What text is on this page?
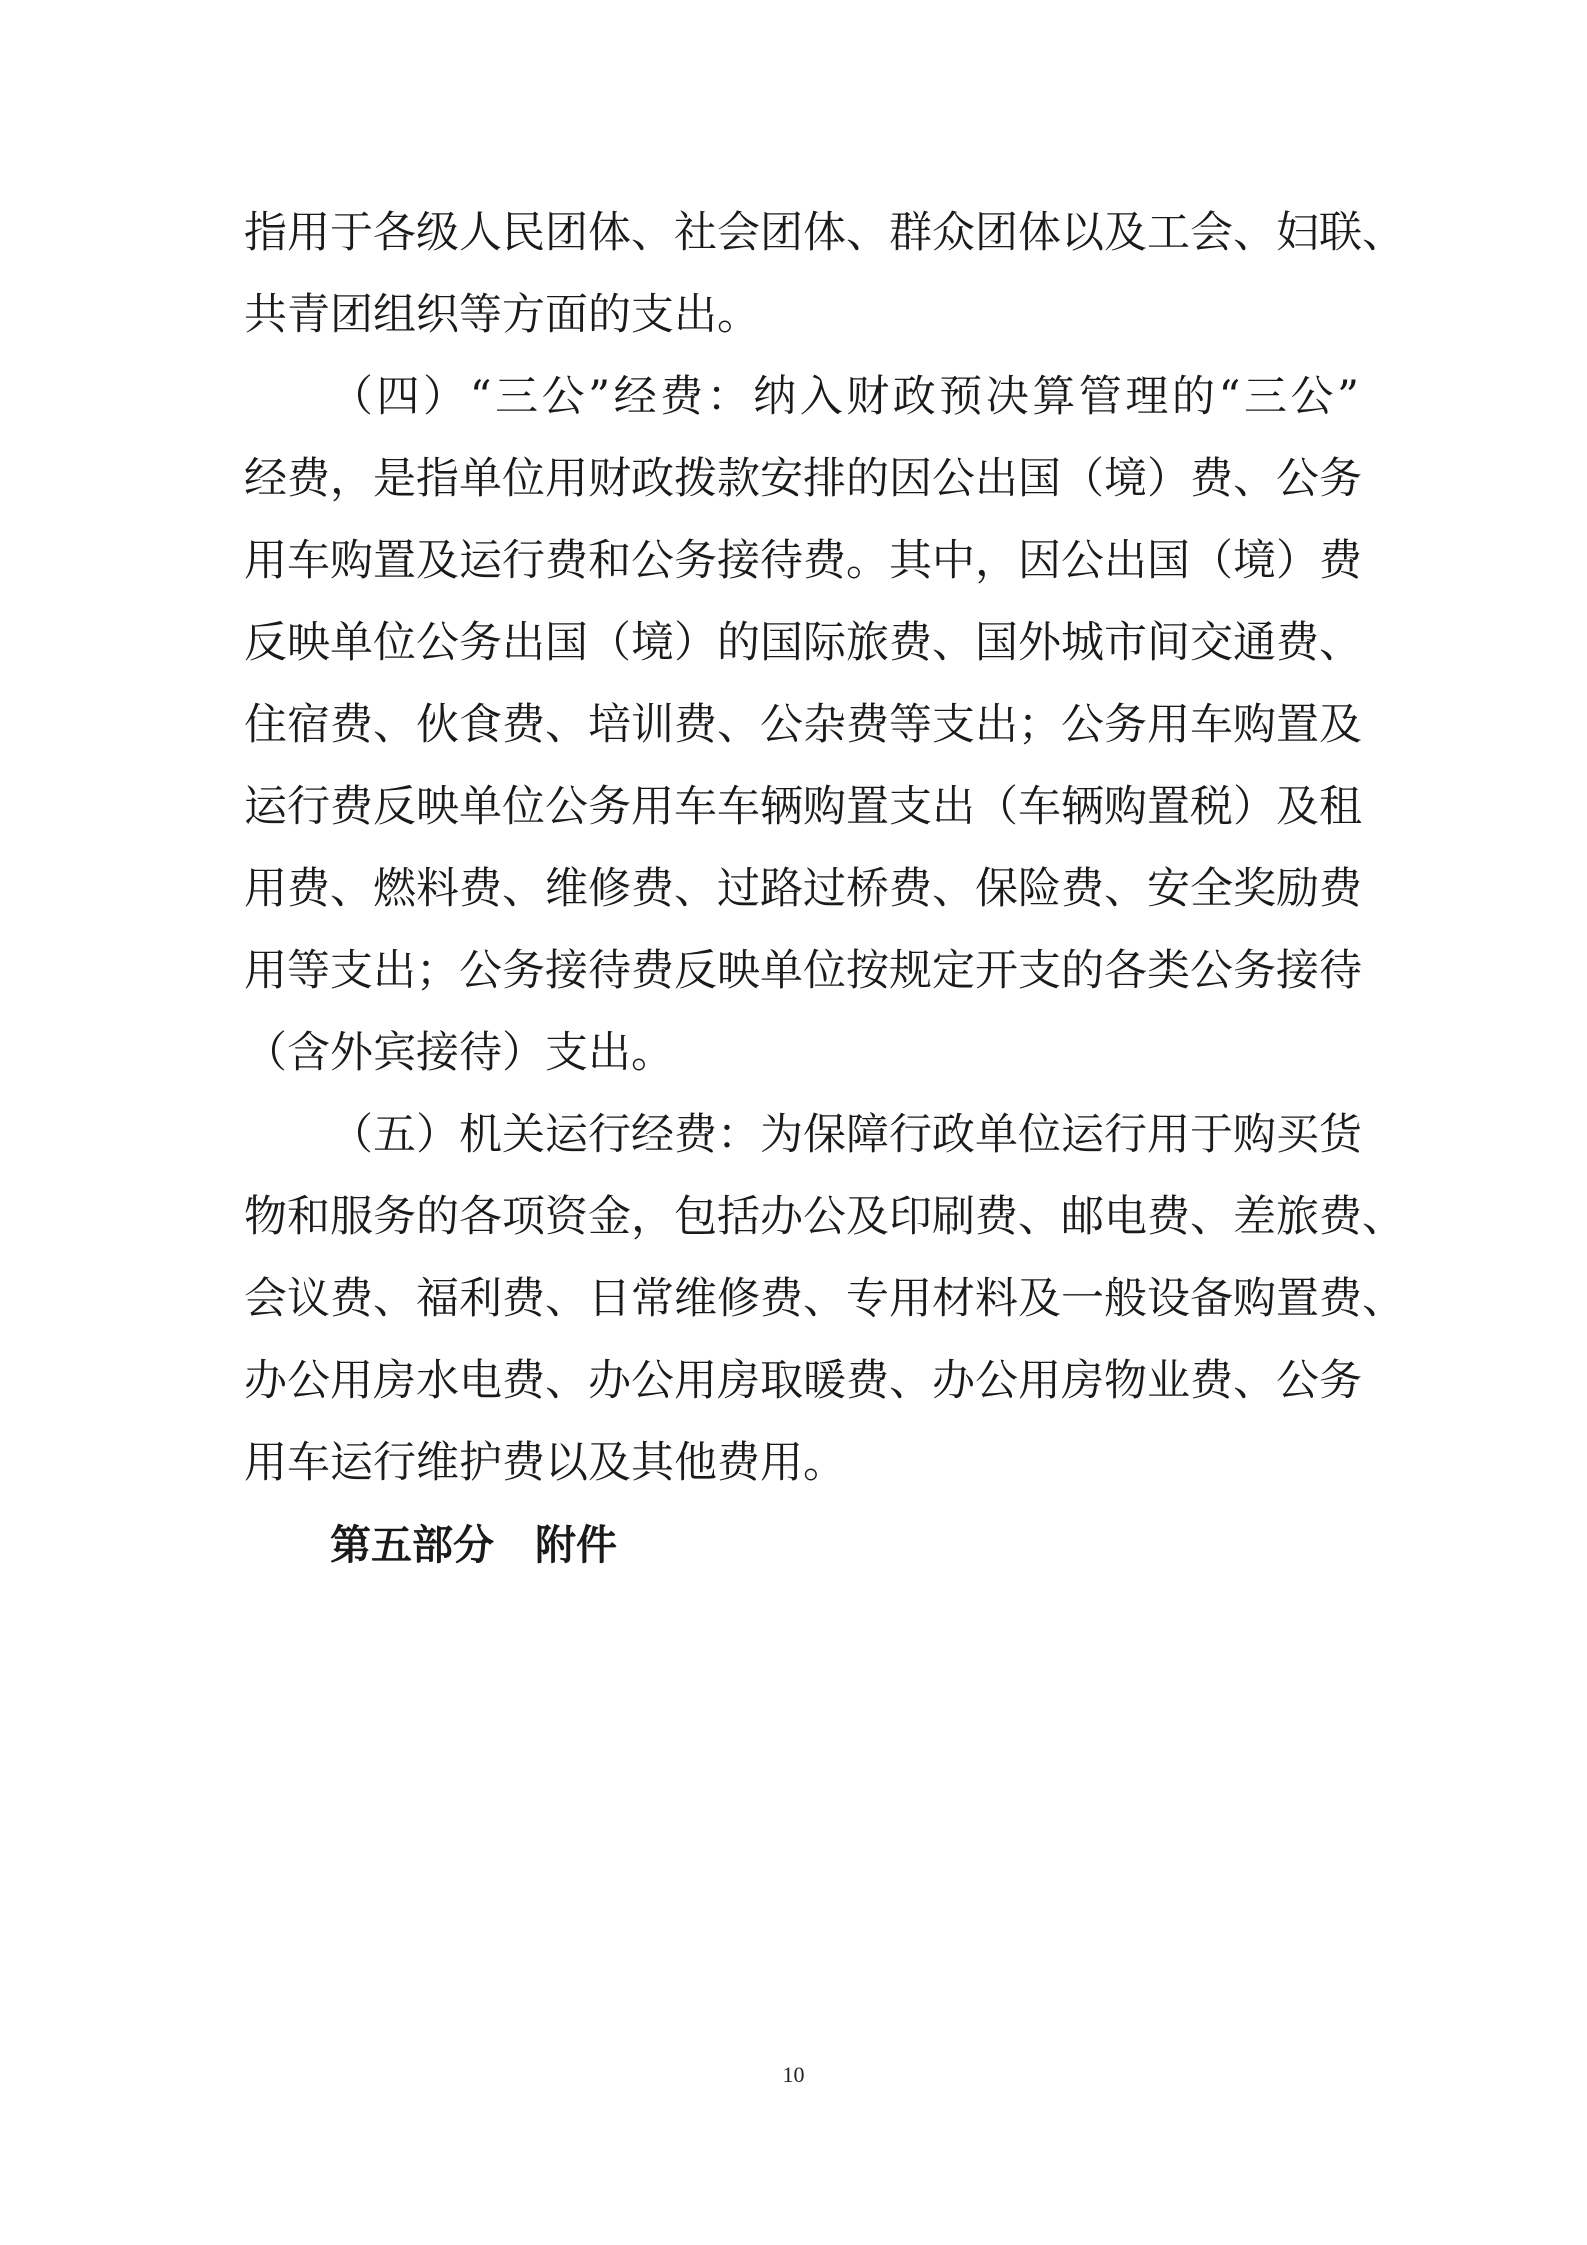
指用于各级人民团体、社会团体、群众团体以及工会、妇联、
共青团组织等方面的支出。
（四）“三公”经费：纳入财政预决算管理的“三公”
经费，是指单位用财政拨款安排的因公出国（境）费、公务
用车购置及运行费和公务接待费。其中，因公出国（境）费
反映单位公务出国（境）的国际旅费、国外城市间交通费、
住宿费、伙食费、培训费、公杂费等支出；公务用车购置及
运行费反映单位公务用车车辆购置支出（车辆购置税）及租
用费、燃料费、维修费、过路过桥费、保险费、安全奖励费
用等支出；公务接待费反映单位按规定开支的各类公务接待
（含外宾接待）支出。
（五）机关运行经费：为保障行政单位运行用于购买货
物和服务的各项资金，包括办公及印刷费、邮电费、差旅费、
会议费、福利费、日常维修费、专用材料及一般设备购置费、
办公用房水电费、办公用房取暖费、办公用房物业费、公务
用车运行维护费以及其他费用。
第五部分　附件
10
